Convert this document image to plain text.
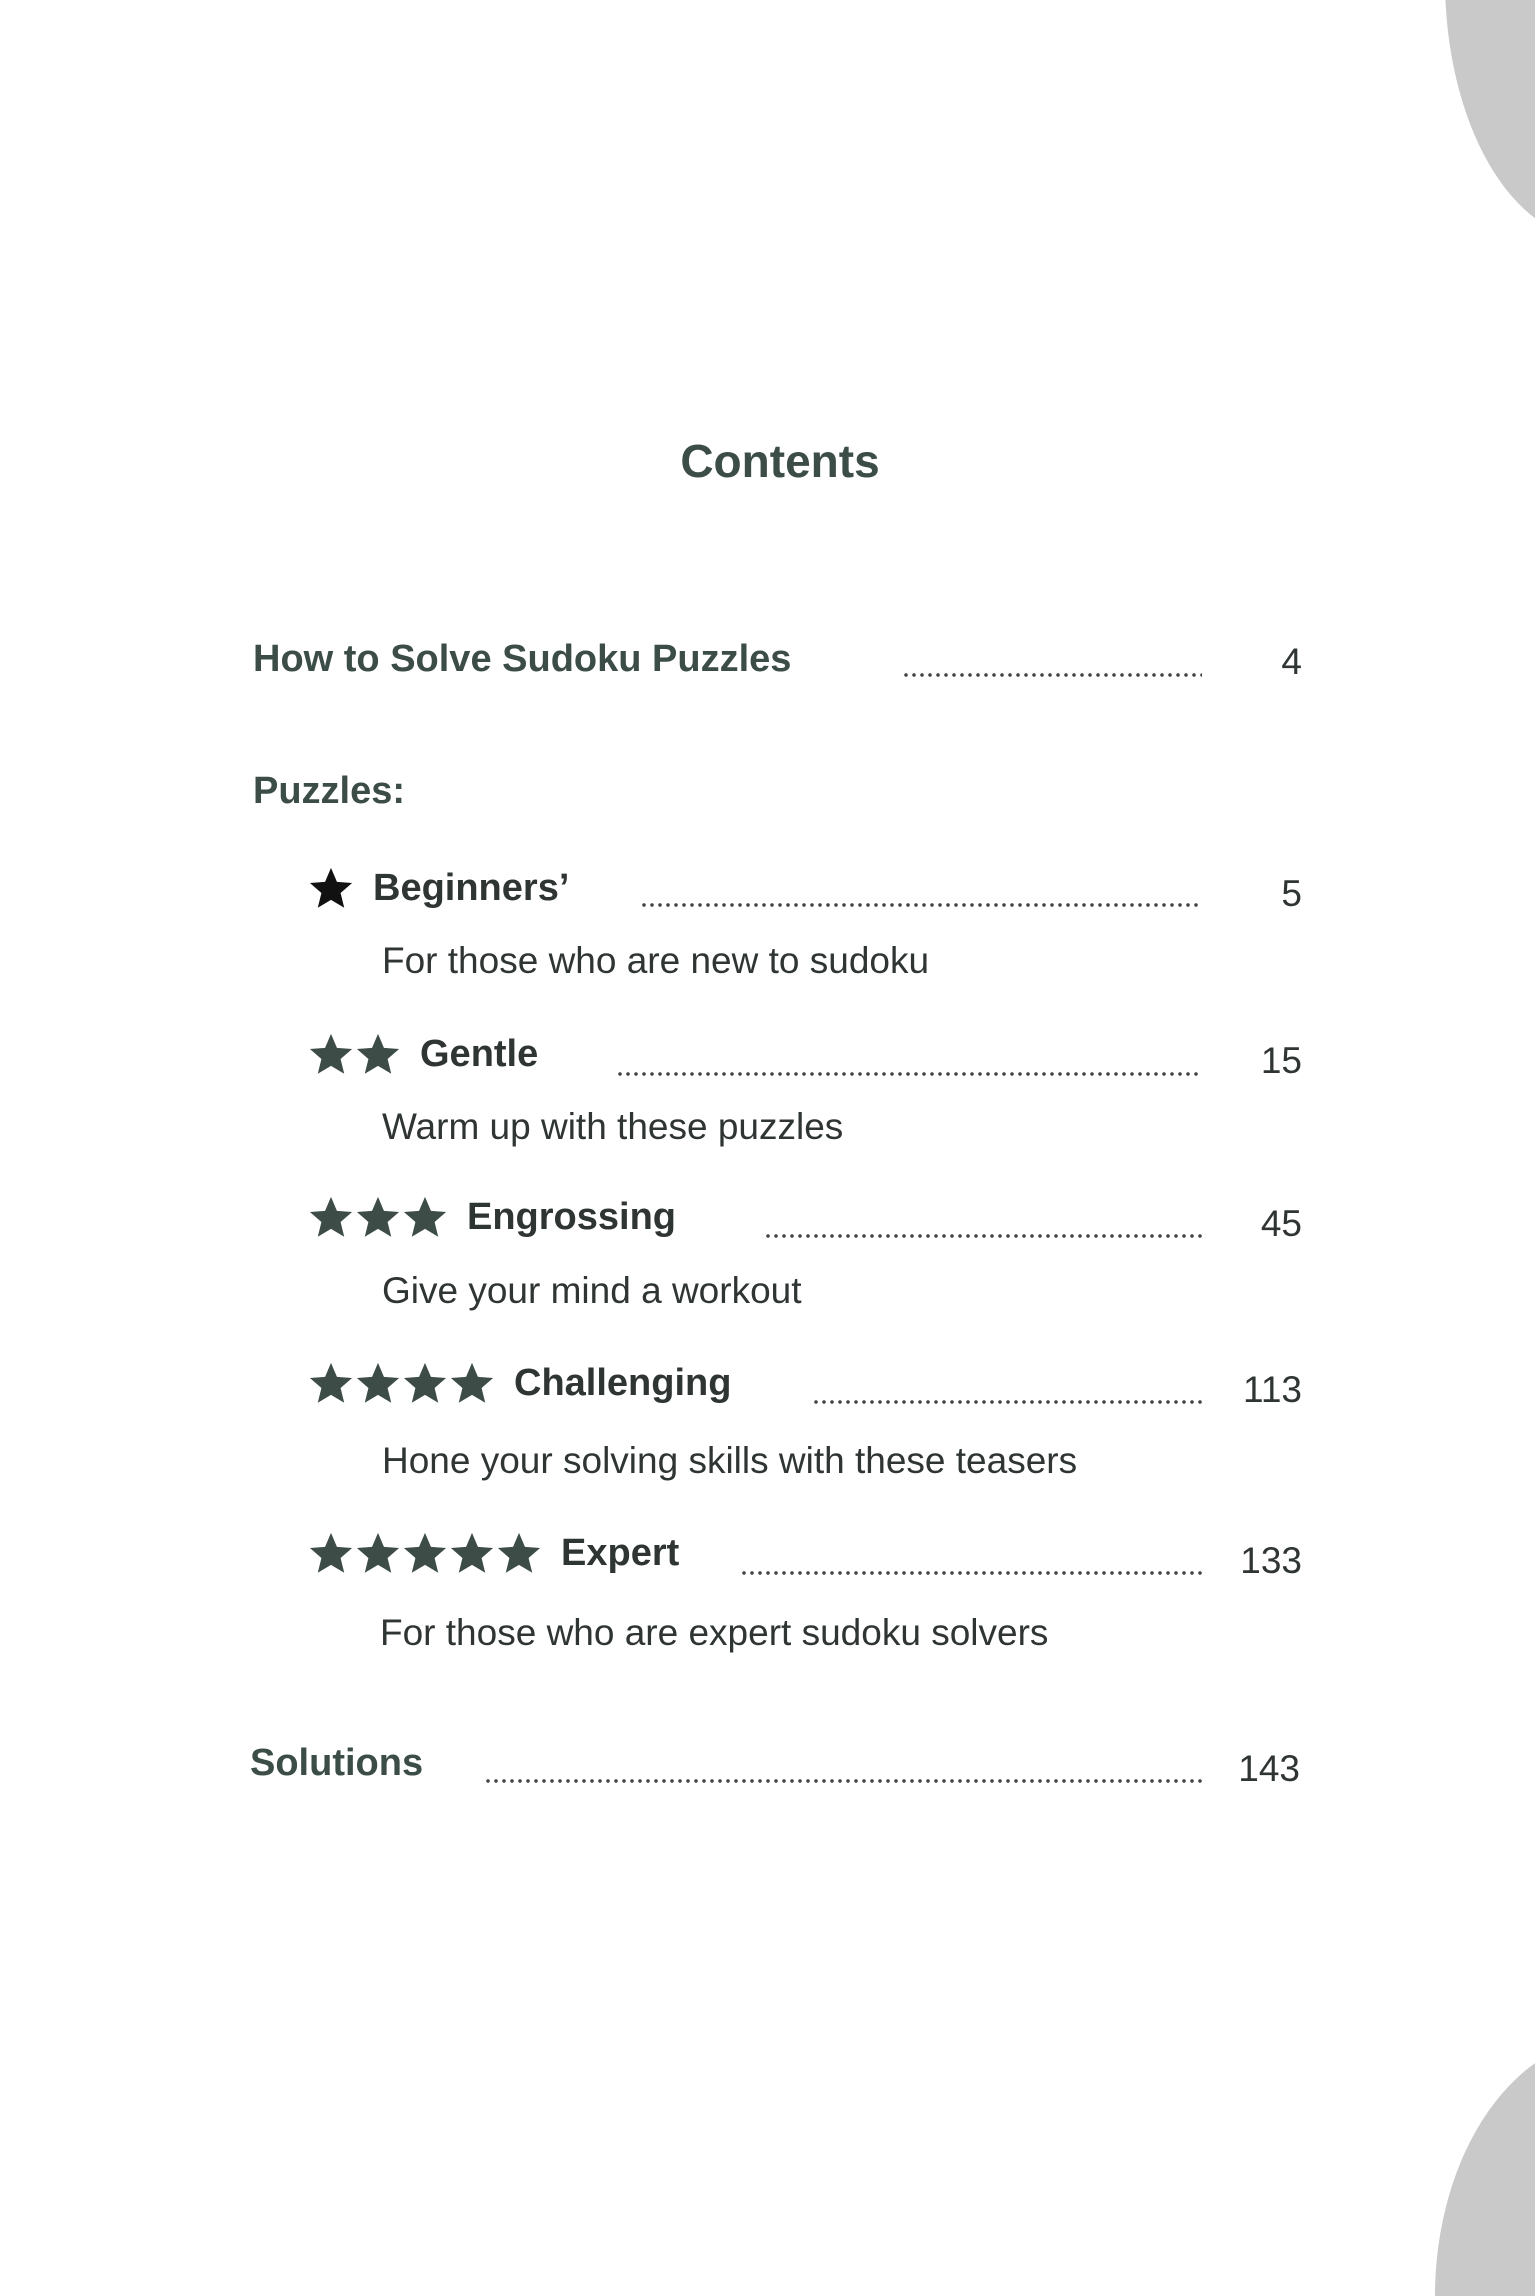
Contents
How to Solve Sudoku Puzzles	4
Puzzles:
Beginners’	5
For those who are new to sudoku
Gentle	15
Warm up with these puzzles
Engrossing	45
Give your mind a workout
Challenging	113
Hone your solving skills with these teasers
Expert	133
For those who are expert sudoku solvers
Solutions	143
